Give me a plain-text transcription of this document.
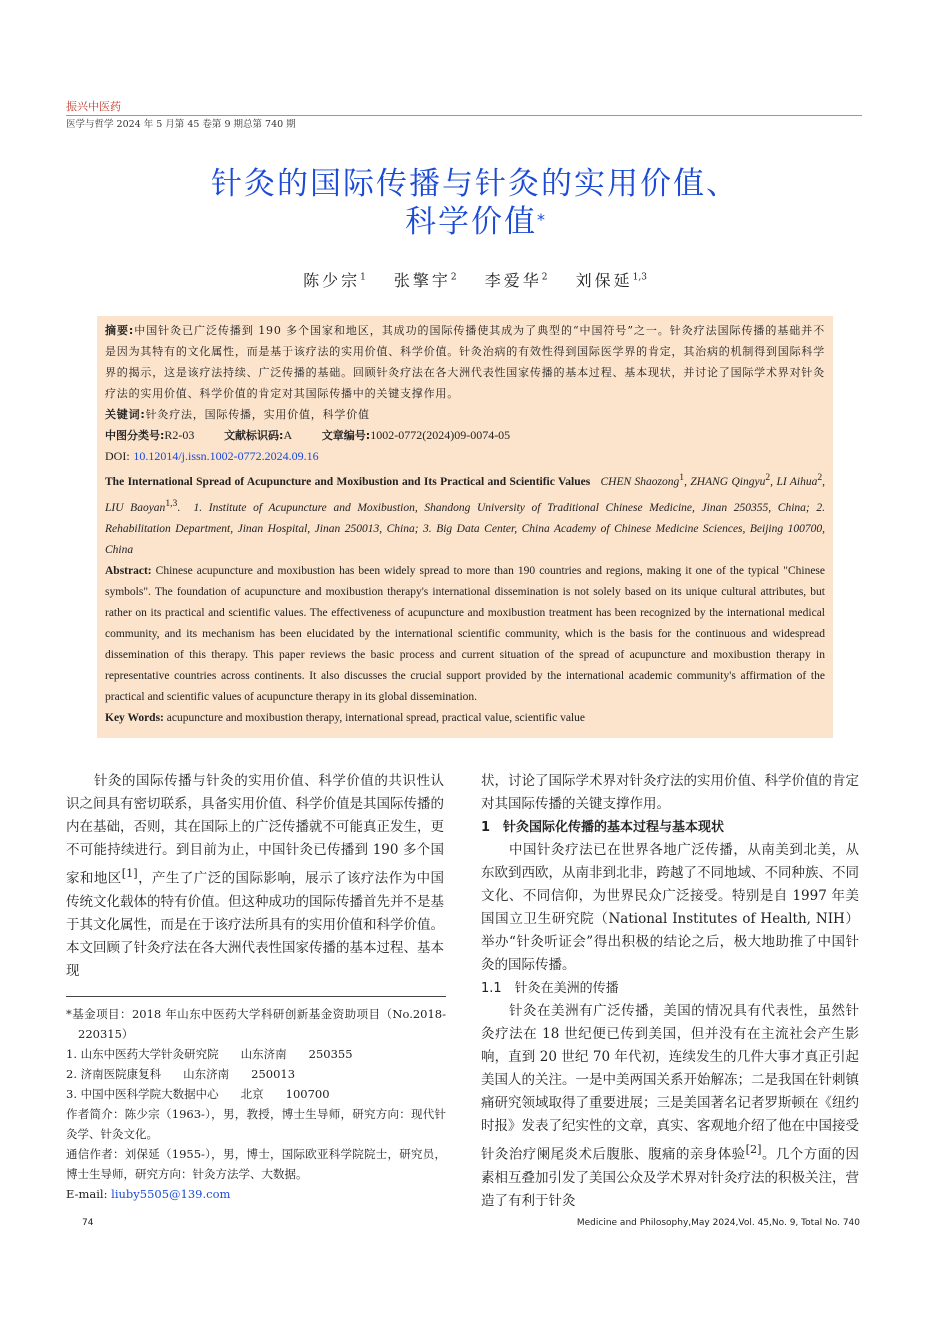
振兴中医药
医学与哲学 2024 年 5 月第 45 卷第 9 期总第 740 期
针灸的国际传播与针灸的实用价值、
科学价值*
陈少宗$^1$ 张擎宇$^2$ 李爱华$^2$ 刘保延$^{1,3}$

摘要:中国针灸已广泛传播到 190 多个国家和地区，其成功的国际传播使其成为了典型的“中国符号”之一。针灸疗法国际传播的基础并不是因为其特有的文化属性，而是基于该疗法的实用价值、科学价值。针灸治病的有效性得到国际医学界的肯定，其治病的机制得到国际科学界的揭示，这是该疗法持续、广泛传播的基础。回顾针灸疗法在各大洲代表性国家传播的基本过程、基本现状，并讨论了国际学术界对针灸疗法的实用价值、科学价值的肯定对其国际传播中的关键支撑作用。

关键词:针灸疗法，国际传播，实用价值，科学价值

中图分类号:R2-03	文献标识码:A	文章编号:1002-0772(2024)09-0074-05

DOI: 10.12014/j.issn.1002-0772.2024.09.16

The International Spread of Acupuncture and Moxibustion and Its Practical and Scientific Values CHEN Shaozong$^1$, ZHANG Qingyu$^2$, LI Aihua$^2$, LIU Baoyan$^{1,3}$.  1. Institute of Acupuncture and Moxibustion, Shandong University of Traditional Chinese Medicine, Jinan 250355, China; 2. Rehabilitation Department, Jinan Hospital, Jinan 250013, China; 3. Big Data Center, China Academy of Chinese Medicine Sciences, Beijing 100700, China

Abstract: Chinese acupuncture and moxibustion has been widely spread to more than 190 countries and regions, making it one of the typical "Chinese symbols". The foundation of acupuncture and moxibustion therapy's international dissemination is not solely based on its unique cultural attributes, but rather on its practical and scientific values. The effectiveness of acupuncture and moxibustion treatment has been recognized by the international medical community, and its mechanism has been elucidated by the international scientific community, which is the basis for the continuous and widespread dissemination of this therapy. This paper reviews the basic process and current situation of the spread of acupuncture and moxibustion therapy in representative countries across continents. It also discusses the crucial support provided by the international academic community's affirmation of the practical and scientific values of acupuncture therapy in its global dissemination.

Key Words: acupuncture and moxibustion therapy, international spread, practical value, scientific value

针灸的国际传播与针灸的实用价值、科学价值的共识性认识之间具有密切联系，具备实用价值、科学价值是其国际传播的内在基础，否则，其在国际上的广泛传播就不可能真正发生，更不可能持续进行。到目前为止，中国针灸已传播到 190 多个国家和地区[1]，产生了广泛的国际影响，展示了该疗法作为中国传统文化载体的特有价值。但这种成功的国际传播首先并不是基于其文化属性，而是在于该疗法所具有的实用价值和科学价值。本文回顾了针灸疗法在各大洲代表性国家传播的基本过程、基本现

*基金项目：2018 年山东中医药大学科研创新基金资助项目（No.2018-220315）

1. 山东中医药大学针灸研究院 山东济南 250355

2. 济南医院康复科 山东济南 250013

3. 中国中医科学院大数据中心 北京 100700

作者简介：陈少宗（1963-），男，教授，博士生导师，研究方向：现代针灸学、针灸文化。

通信作者：刘保延（1955-），男，博士，国际欧亚科学院院士，研究员，博士生导师，研究方向：针灸方法学、大数据。

E-mail: liuby5505@139.com

状，讨论了国际学术界对针灸疗法的实用价值、科学价值的肯定对其国际传播的关键支撑作用。

1　针灸国际化传播的基本过程与基本现状

中国针灸疗法已在世界各地广泛传播，从南美到北美，从东欧到西欧，从南非到北非，跨越了不同地域、不同种族、不同文化、不同信仰，为世界民众广泛接受。特别是自 1997 年美国国立卫生研究院（National Institutes of Health, NIH）举办“针灸听证会”得出积极的结论之后，极大地助推了中国针灸的国际传播。

1.1　针灸在美洲的传播

针灸在美洲有广泛传播，美国的情况具有代表性，虽然针灸疗法在 18 世纪便已传到美国，但并没有在主流社会产生影响，直到 20 世纪 70 年代初，连续发生的几件大事才真正引起美国人的关注。一是中美两国关系开始解冻；二是我国在针刺镇痛研究领域取得了重要进展；三是美国著名记者罗斯顿在《纽约时报》发表了纪实性的文章，真实、客观地介绍了他在中国接受针灸治疗阑尾炎术后腹胀、腹痛的亲身体验[2]。几个方面的因素相互叠加引发了美国公众及学术界对针灸疗法的积极关注，营造了有利于针灸

74	Medicine and Philosophy,May 2024,Vol. 45,No. 9, Total No. 740
